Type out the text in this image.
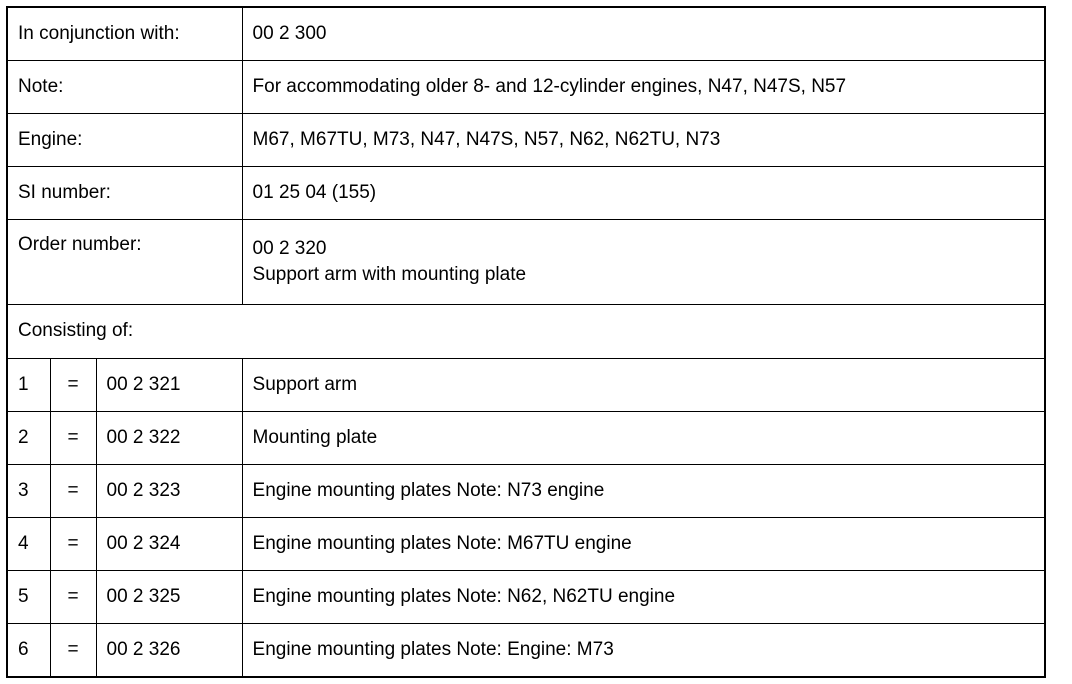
In conjunction with:			00 2 300
Note:			For accommodating older 8- and 12-cylinder engines, N47, N47S, N57
Engine:			M67, M67TU, M73, N47, N47S, N57, N62, N62TU, N73
SI number:			01 25 04 (155)
Order number:			00 2 320
Support arm with mounting plate

Consisting of:			
1	=	00 2 321	Support arm
2	=	00 2 322	Mounting plate
3	=	00 2 323	Engine mounting plates Note: N73 engine
4	=	00 2 324	Engine mounting plates Note: M67TU engine
5	=	00 2 325	Engine mounting plates Note: N62, N62TU engine
6	=	00 2 326	Engine mounting plates Note: Engine: M73
